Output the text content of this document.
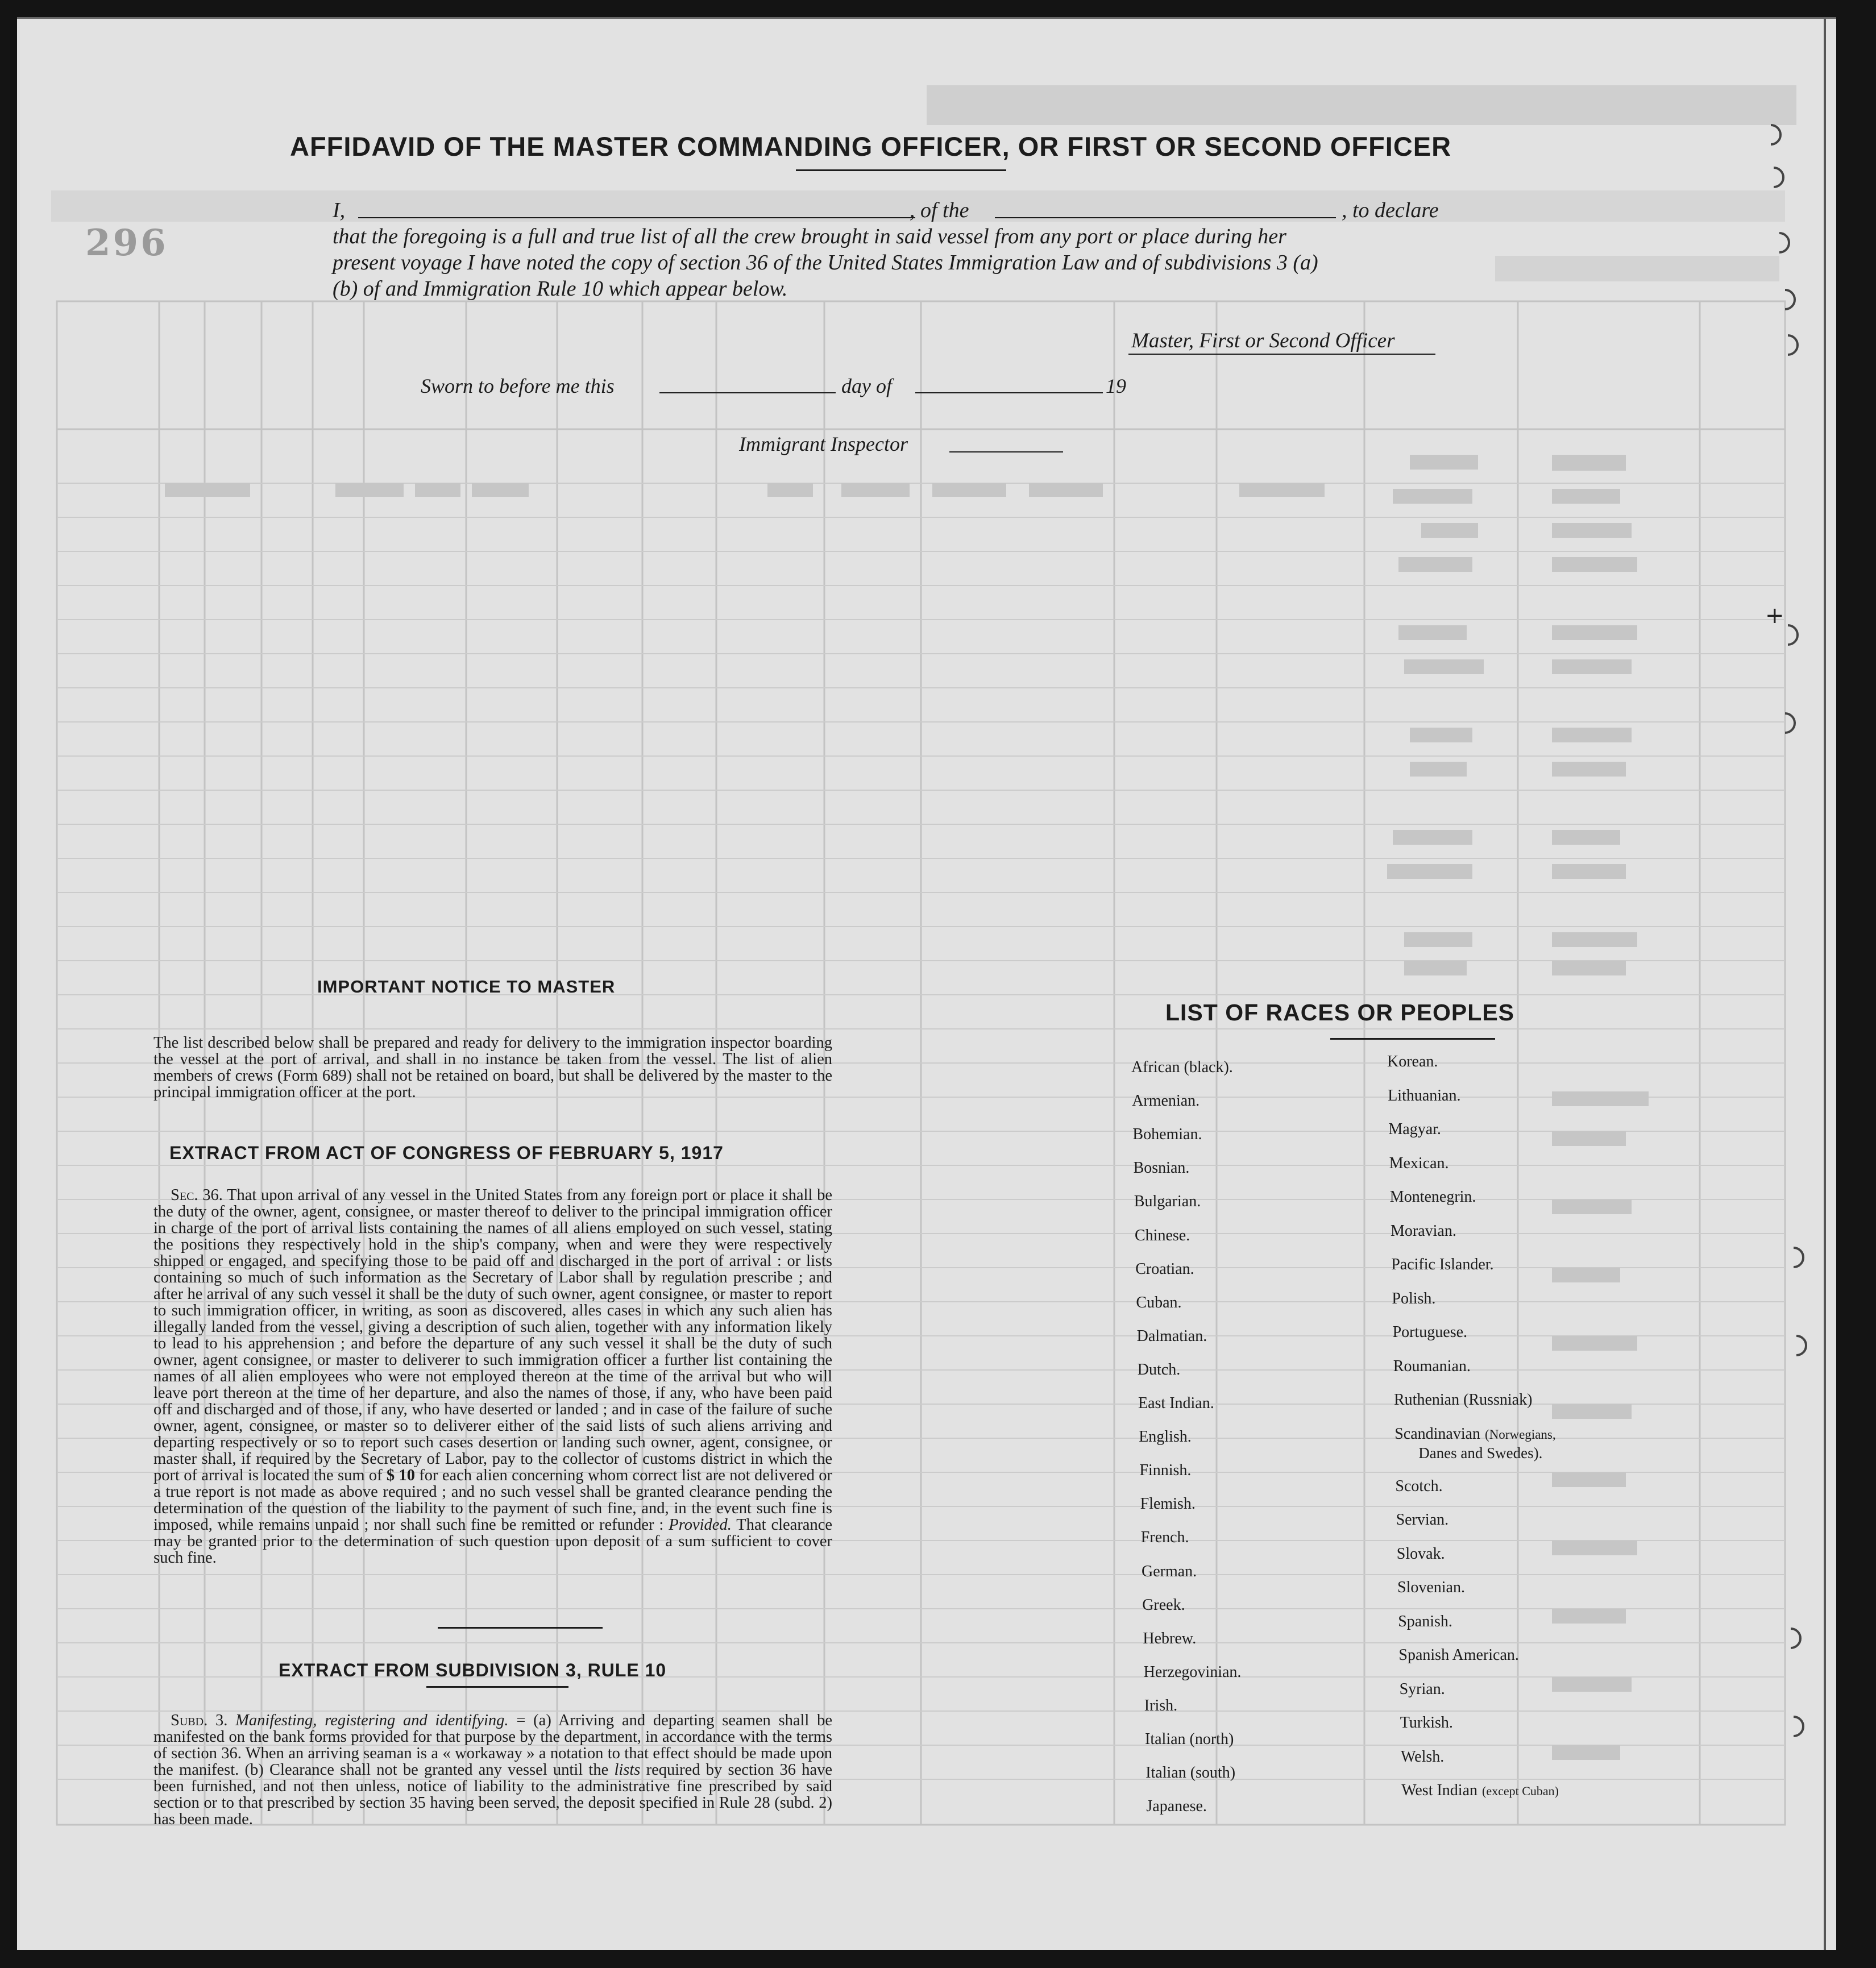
296
AFFIDAVID OF THE MASTER COMMANDING OFFICER, OR FIRST OR SECOND OFFICER
I,	, of the	, to declare
that the foregoing is a full and true list of all the crew brought in said vessel from any port or place during her
present voyage I have noted the copy of section 36 of the United States Immigration Law and of subdivisions 3 (a)
(b) of and Immigration Rule 10 which appear below.
Master, First or Second Officer
Sworn to before me this	day of	19
Immigrant Inspector
IMPORTANT NOTICE TO MASTER
The list described below shall be prepared and ready for delivery to the immigration inspector boarding the vessel at the port of arrival, and shall in no instance be taken from the vessel. The list of alien members of crews (Form 689) shall not be retained on board, but shall be delivered by the master to the principal immigration officer at the port.
EXTRACT FROM ACT OF CONGRESS OF FEBRUARY 5, 1917
Sec. 36. That upon arrival of any vessel in the United States from any foreign port or place it shall be the duty of the owner, agent, consignee, or master thereof to deliver to the principal immigration officer in charge of the port of arrival lists containing the names of all aliens employed on such vessel, stating the positions they respectively hold in the ship's company, when and were they were respectively shipped or engaged, and specifying those to be paid off and discharged in the port of arrival : or lists containing so much of such information as the Secretary of Labor shall by regulation prescribe ; and after he arrival of any such vessel it shall be the duty of such owner, agent consignee, or master to report to such immigration officer, in writing, as soon as discovered, alles cases in which any such alien has illegally landed from the vessel, giving a description of such alien, together with any information likely to lead to his apprehension ; and before the departure of any such vessel it shall be the duty of such owner, agent consignee, or master to deliverer to such immigration officer a further list containing the names of all alien employees who were not employed thereon at the time of the arrival but who will leave port thereon at the time of her departure, and also the names of those, if any, who have been paid off and discharged and of those, if any, who have deserted or landed ; and in case of the failure of suche owner, agent, consignee, or master so to deliverer either of the said lists of such aliens arriving and departing respectively or so to report such cases desertion or landing such owner, agent, consignee, or master shall, if required by the Secretary of Labor, pay to the collector of customs district in which the port of arrival is located the sum of $ 10 for each alien concerning whom correct list are not delivered or a true report is not made as above required ; and no such vessel shall be granted clearance pending the determination of the question of the liability to the payment of such fine, and, in the event such fine is imposed, while remains unpaid ; nor shall such fine be remitted or refunder : Provided. That clearance may be granted prior to the determination of such question upon deposit of a sum sufficient to cover such fine.
EXTRACT FROM SUBDIVISION 3, RULE 10
Subd. 3. Manifesting, registering and identifying. = (a) Arriving and departing seamen shall be manifested on the bank forms provided for that purpose by the department, in accordance with the terms of section 36. When an arriving seaman is a « workaway » a notation to that effect should be made upon the manifest. (b) Clearance shall not be granted any vessel until the lists required by section 36 have been furnished, and not then unless, notice of liability to the administrative fine prescribed by said section or to that prescribed by section 35 having been served, the deposit specified in Rule 28 (subd. 2) has been made.
LIST OF RACES OR PEOPLES
African (black).
Armenian.
Bohemian.
Bosnian.
Bulgarian.
Chinese.
Croatian.
Cuban.
Dalmatian.
Dutch.
East Indian.
English.
Finnish.
Flemish.
French.
German.
Greek.
Hebrew.
Herzegovinian.
Irish.
Italian (north)
Italian (south)
Japanese.
Korean.
Lithuanian.
Magyar.
Mexican.
Montenegrin.
Moravian.
Pacific Islander.
Polish.
Portuguese.
Roumanian.
Ruthenian (Russniak)
Scandinavian (Norwegians,
Danes and Swedes).
Scotch.
Servian.
Slovak.
Slovenian.
Spanish.
Spanish American.
Syrian.
Turkish.
Welsh.
West Indian (except Cuban)
+
